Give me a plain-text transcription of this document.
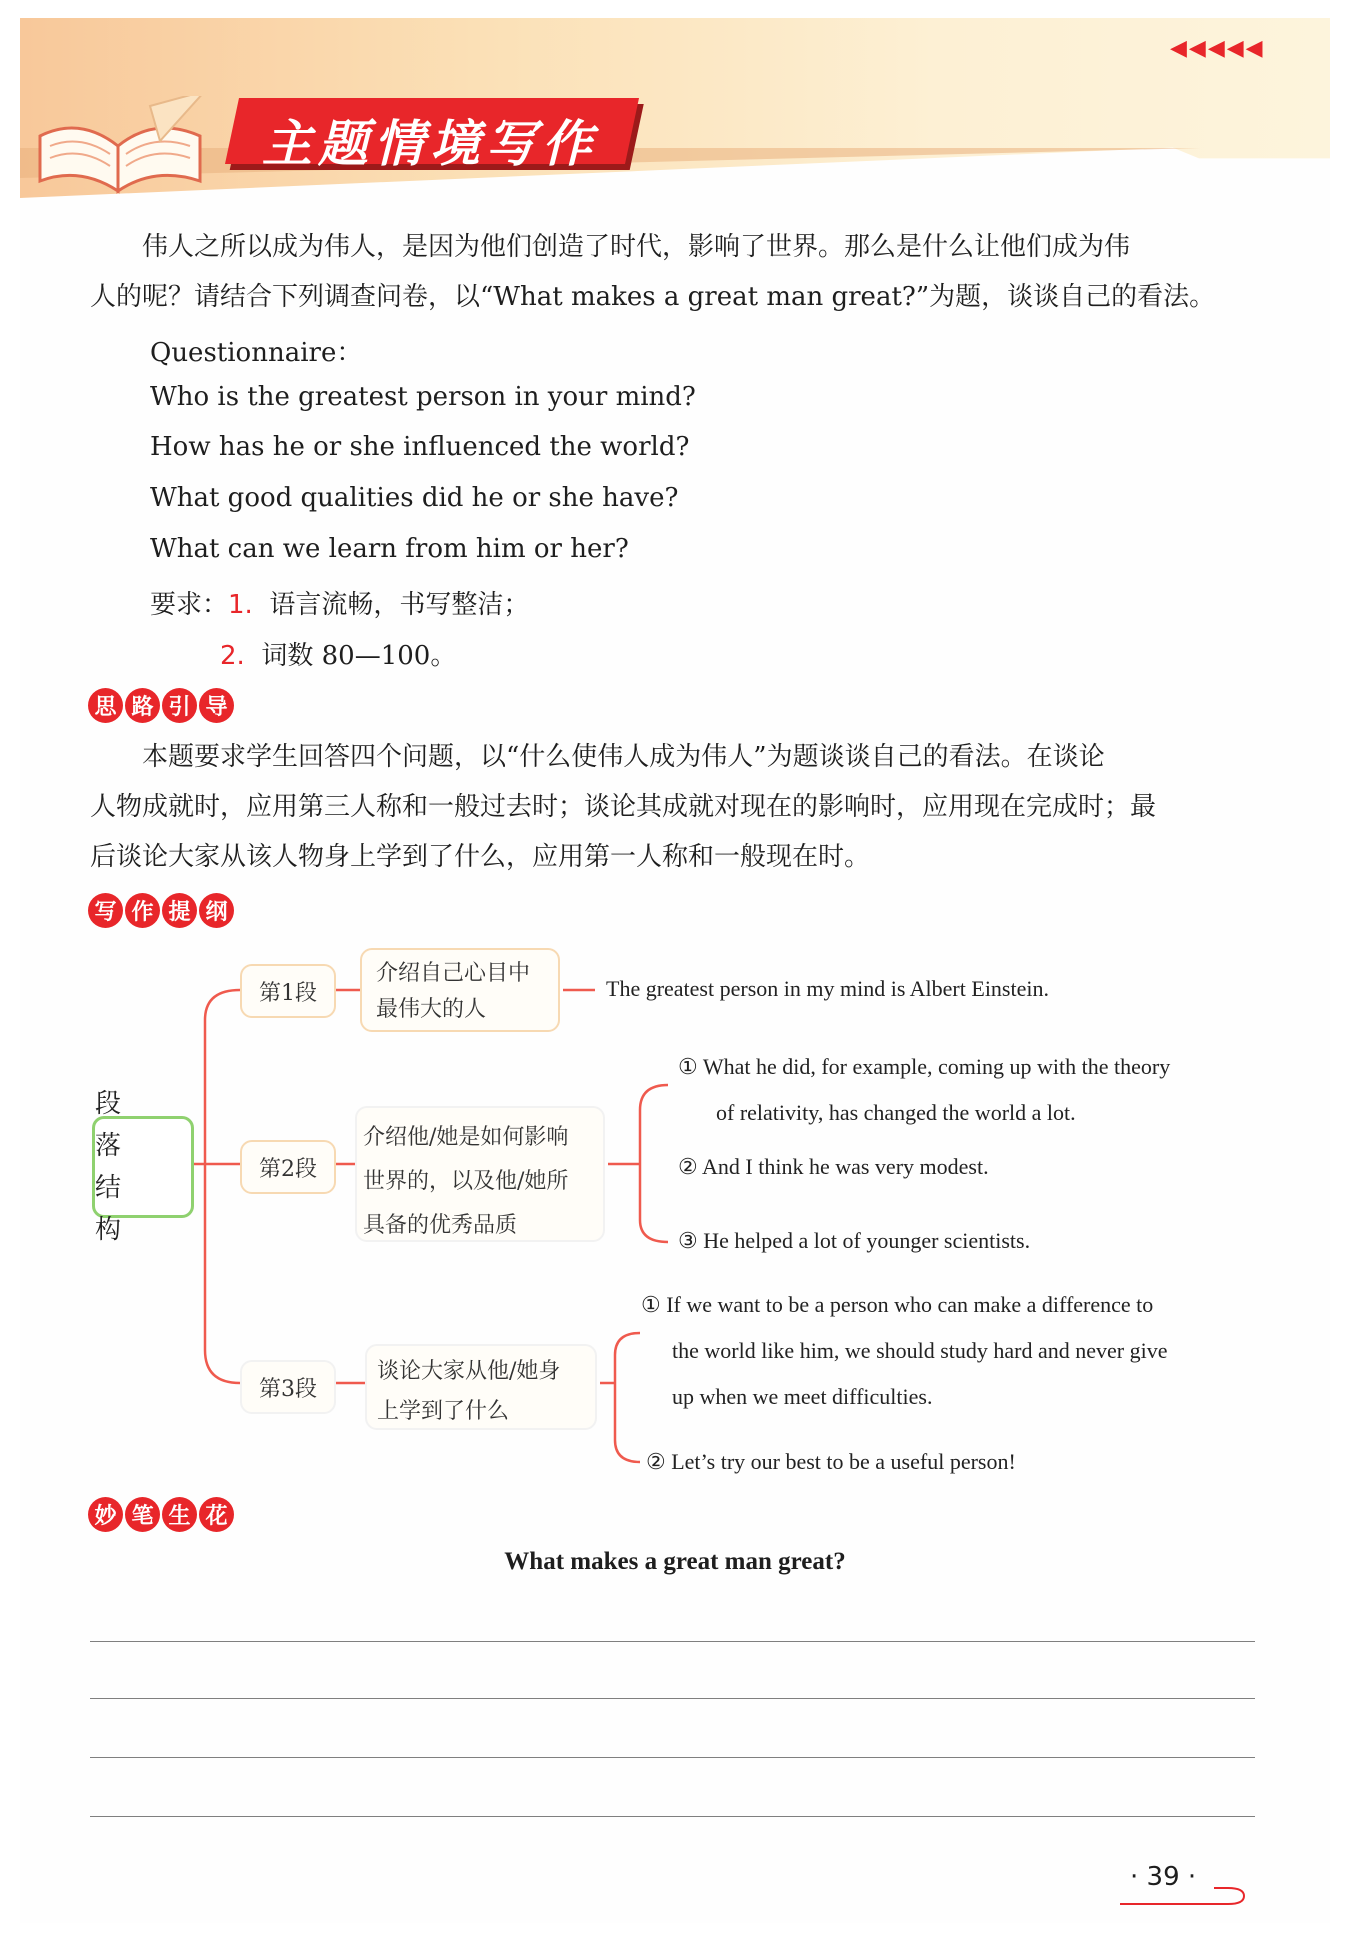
主题情境写作
◀◀◀◀◀
伟人之所以成为伟人，是因为他们创造了时代，影响了世界。那么是什么让他们成为伟
人的呢？请结合下列调查问卷，以“What makes a great man great?”为题，谈谈自己的看法。
Questionnaire：
Who is the greatest person in your mind?
How has he or she influenced the world?
What good qualities did he or she have?
What can we learn from him or her?
要求：1. 语言流畅，书写整洁；
2. 词数 80—100。
思 路 引 导
本题要求学生回答四个问题，以“什么使伟人成为伟人”为题谈谈自己的看法。在谈论
人物成就时，应用第三人称和一般过去时；谈论其成就对现在的影响时，应用现在完成时；最
后谈论大家从该人物身上学到了什么，应用第一人称和一般现在时。
写 作 提 纲
段 落
结 构
第1段
介绍自己心目中
最伟大的人
The greatest person in my mind is Albert Einstein.
第2段
介绍他/她是如何影响
世界的，以及他/她所
具备的优秀品质
① What he did, for example, coming up with the theory
of relativity, has changed the world a lot.
② And I think he was very modest.
③ He helped a lot of younger scientists.
第3段
谈论大家从他/她身
上学到了什么
① If we want to be a person who can make a difference to
the world like him, we should study hard and never give
up when we meet difficulties.
② Let’s try our best to be a useful person!
妙 笔 生 花
What makes a great man great?
· 39 ·
